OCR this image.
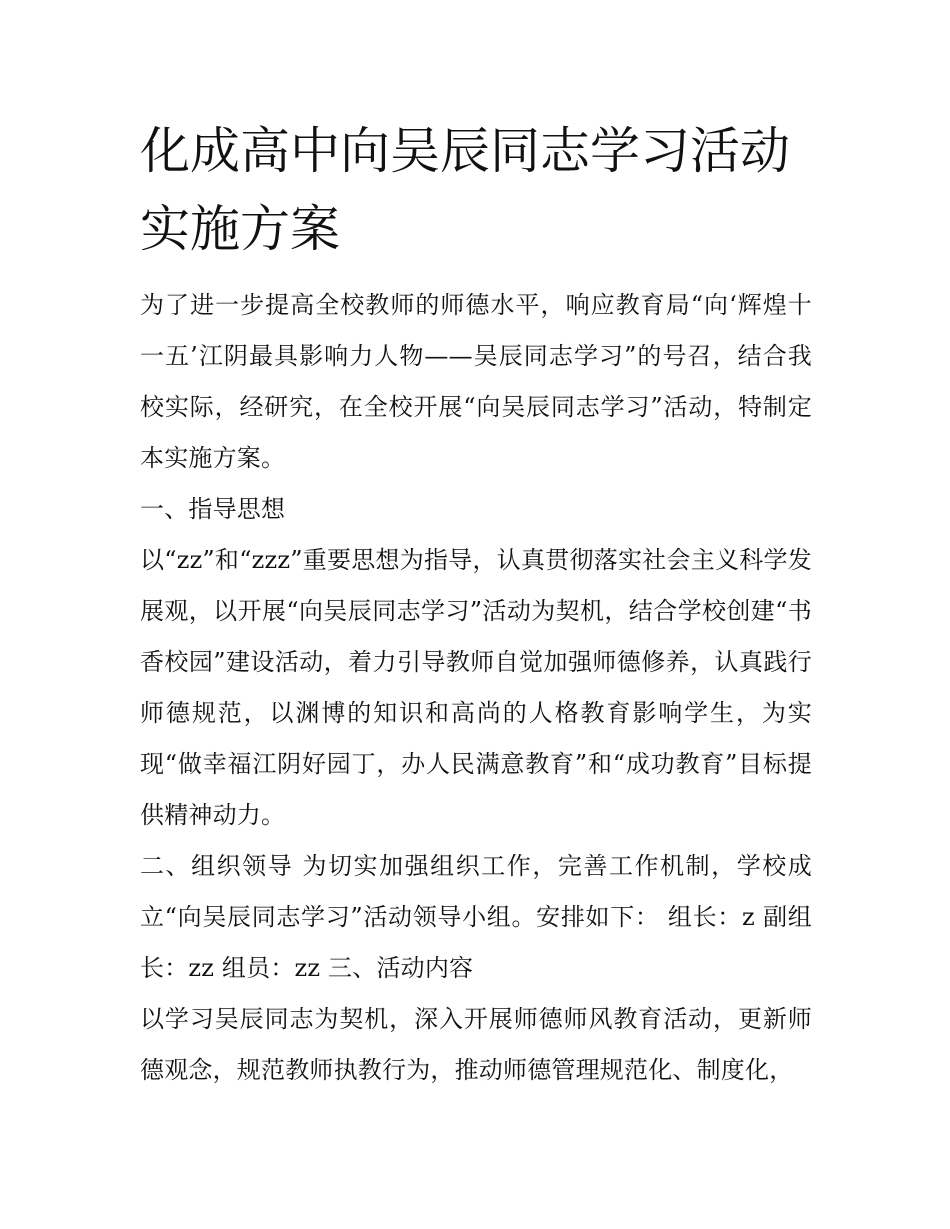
化成高中向吴辰同志学习活动实施方案

为了进一步提高全校教师的师德水平，响应教育局“向‘辉煌十一五’江阴最具影响力人物——吴辰同志学习”的号召，结合我校实际，经研究，在全校开展“向吴辰同志学习”活动，特制定本实施方案。

一、指导思想

以“zz”和“zzz”重要思想为指导，认真贯彻落实社会主义科学发展观，以开展“向吴辰同志学习”活动为契机，结合学校创建“书香校园”建设活动，着力引导教师自觉加强师德修养，认真践行师德规范，以渊博的知识和高尚的人格教育影响学生，为实现“做幸福江阴好园丁，办人民满意教育”和“成功教育”目标提供精神动力。

二、组织领导 为切实加强组织工作，完善工作机制，学校成立“向吴辰同志学习”活动领导小组。安排如下： 组长：z 副组长：zz 组员：zz 三、活动内容

以学习吴辰同志为契机，深入开展师德师风教育活动，更新师德观念，规范教师执教行为，推动师德管理规范化、制度化，
